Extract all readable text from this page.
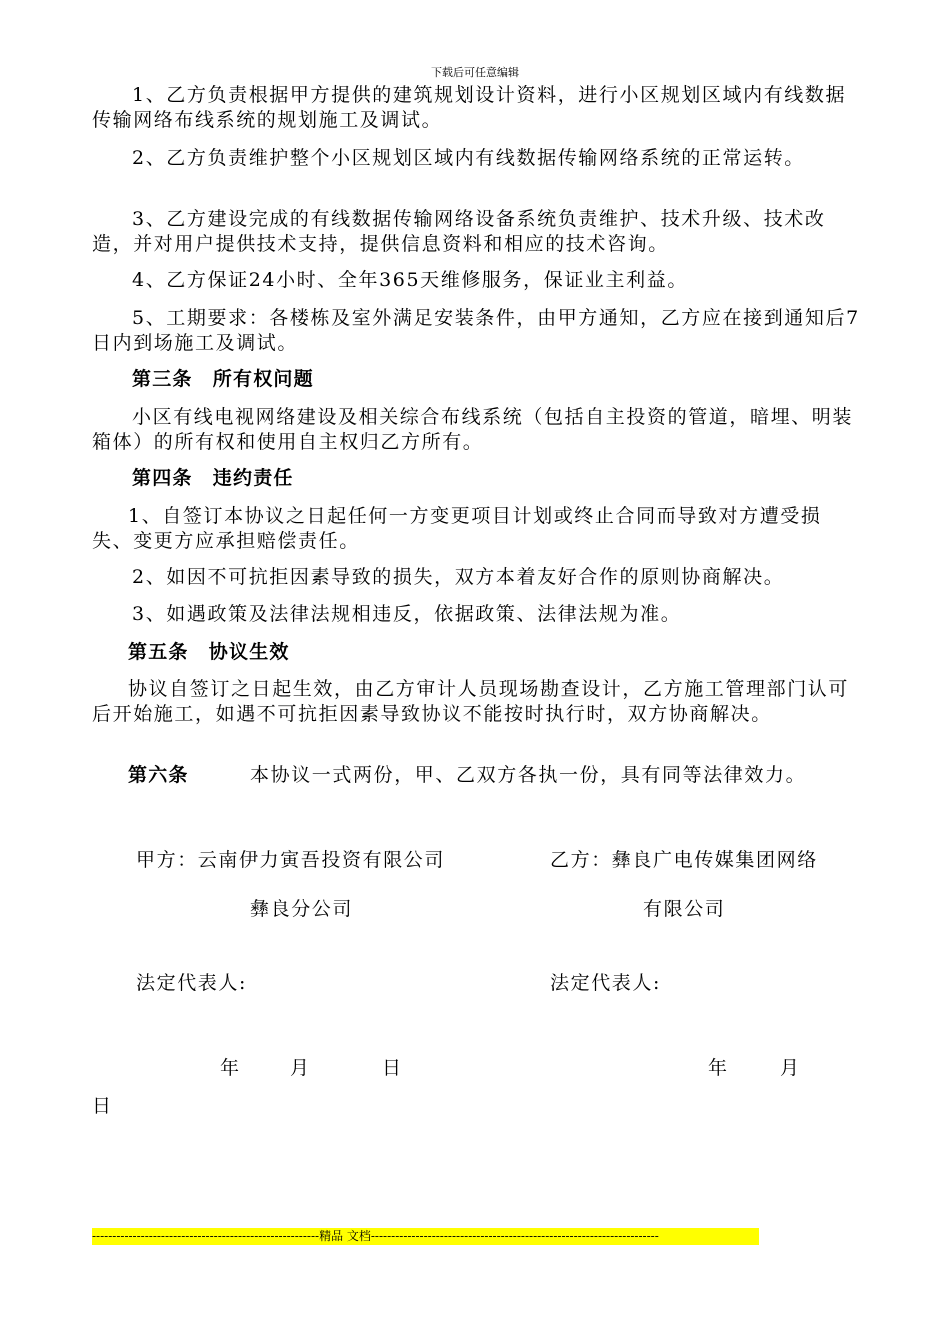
下载后可任意编辑

1、乙方负责根据甲方提供的建筑规划设计资料，进行小区规划区域内有线数据传输网络布线系统的规划施工及调试。

2、乙方负责维护整个小区规划区域内有线数据传输网络系统的正常运转。

3、乙方建设完成的有线数据传输网络设备系统负责维护、技术升级、技术改造，并对用户提供技术支持，提供信息资料和相应的技术咨询。

4、乙方保证24小时、全年365天维修服务，保证业主利益。

5、工期要求：各楼栋及室外满足安装条件，由甲方通知，乙方应在接到通知后7日内到场施工及调试。

第三条　所有权问题

小区有线电视网络建设及相关综合布线系统（包括自主投资的管道，暗埋、明装箱体）的所有权和使用自主权归乙方所有。

第四条　违约责任

1、自签订本协议之日起任何一方变更项目计划或终止合同而导致对方遭受损失、变更方应承担赔偿责任。

2、如因不可抗拒因素导致的损失，双方本着友好合作的原则协商解决。

3、如遇政策及法律法规相违反，依据政策、法律法规为准。

第五条　协议生效

协议自签订之日起生效，由乙方审计人员现场勘查设计，乙方施工管理部门认可后开始施工，如遇不可抗拒因素导致协议不能按时执行时，双方协商解决。

第六条	本协议一式两份，甲、乙双方各执一份，具有同等法律效力。
甲方：云南伊力寅吾投资有限公司
彝良分公司
乙方：彝良广电传媒集团网络
有限公司
法定代表人:	法定代表人:
年	月	日	年	月
日
--------------------------------------------------------精品 文档-----------------------------------------------------------------------
